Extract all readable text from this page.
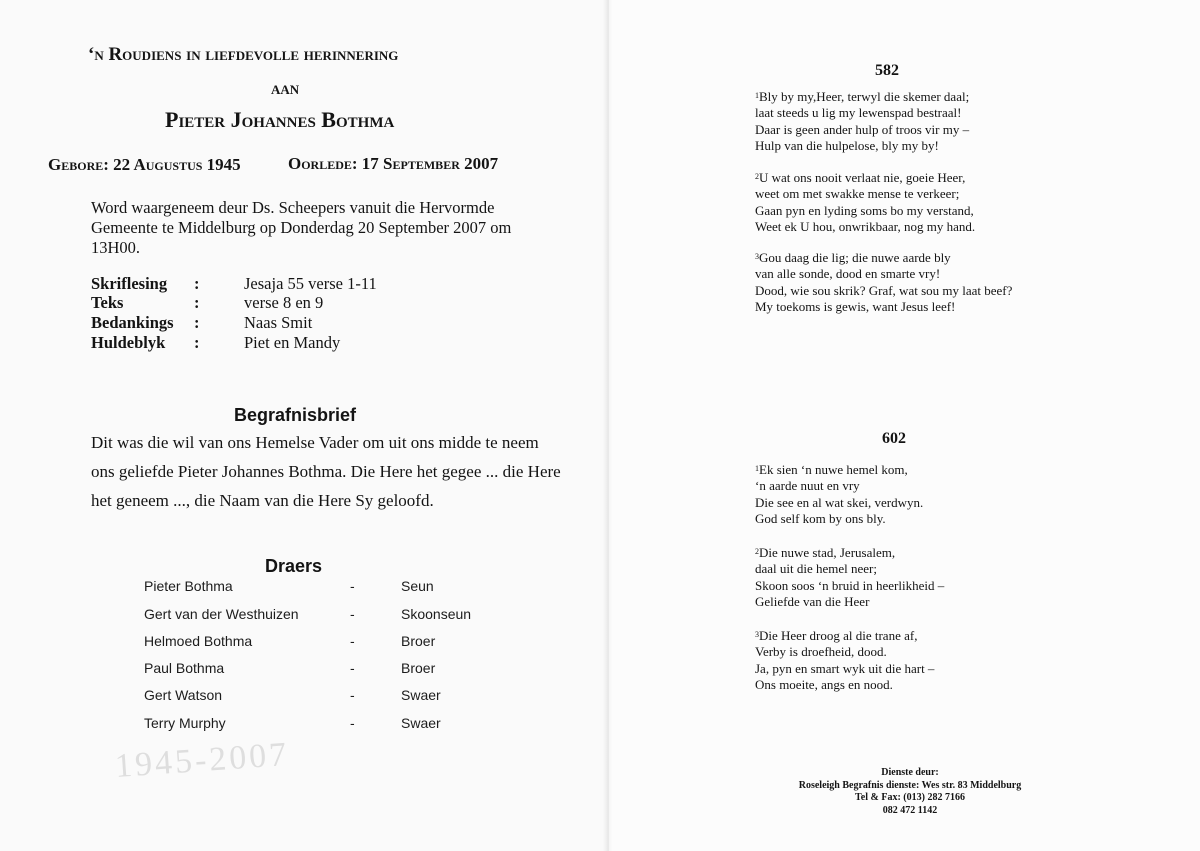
1945-2007
‘n Roudiens in liefdevolle herinnering
aan
Pieter Johannes Bothma
Gebore: 22 Augustus 1945	Oorlede: 17 September 2007
Word waargeneem deur Ds. Scheepers vanuit die Hervormde Gemeente te Middelburg op Donderdag 20 September 2007 om 13H00.
Skriflesing :	Jesaja 55 verse 1-11
Teks	:	verse 8 en 9
Bedankings :	Naas Smit
Huldeblyk :	Piet en Mandy
Begrafnisbrief
Dit was die wil van ons Hemelse Vader om uit ons midde te neem ons geliefde Pieter Johannes Bothma. Die Here het gegee ... die Here het geneem ..., die Naam van die Here Sy geloofd.
Draers
Pieter Bothma	-	Seun
Gert van der Westhuizen	-	Skoonseun
Helmoed Bothma	-	Broer
Paul Bothma	-	Broer
Gert Watson	-	Swaer
Terry Murphy	-	Swaer
582
$^1$Bly by my,Heer, terwyl die skemer daal;
laat steeds u lig my lewenspad bestraal!
Daar is geen ander hulp of troos vir my –
Hulp van die hulpelose, bly my by!
$^2$U wat ons nooit verlaat nie, goeie Heer,
weet om met swakke mense te verkeer;
Gaan pyn en lyding soms bo my verstand,
Weet ek U hou, onwrikbaar, nog my hand.
$^3$Gou daag die lig; die nuwe aarde bly
van alle sonde, dood en smarte vry!
Dood, wie sou skrik? Graf, wat sou my laat beef?
My toekoms is gewis, want Jesus leef!
602
$^1$Ek sien ‘n nuwe hemel kom,
‘n aarde nuut en vry
Die see en al wat skei, verdwyn.
God self kom by ons bly.
$^2$Die nuwe stad, Jerusalem,
daal uit die hemel neer;
Skoon soos ‘n bruid in heerlikheid –
Geliefde van die Heer
$^3$Die Heer droog al die trane af,
Verby is droefheid, dood.
Ja, pyn en smart wyk uit die hart –
Ons moeite, angs en nood.
Dienste deur:
Roseleigh Begrafnis dienste: Wes str. 83 Middelburg
Tel & Fax: (013) 282 7166
082 472 1142
